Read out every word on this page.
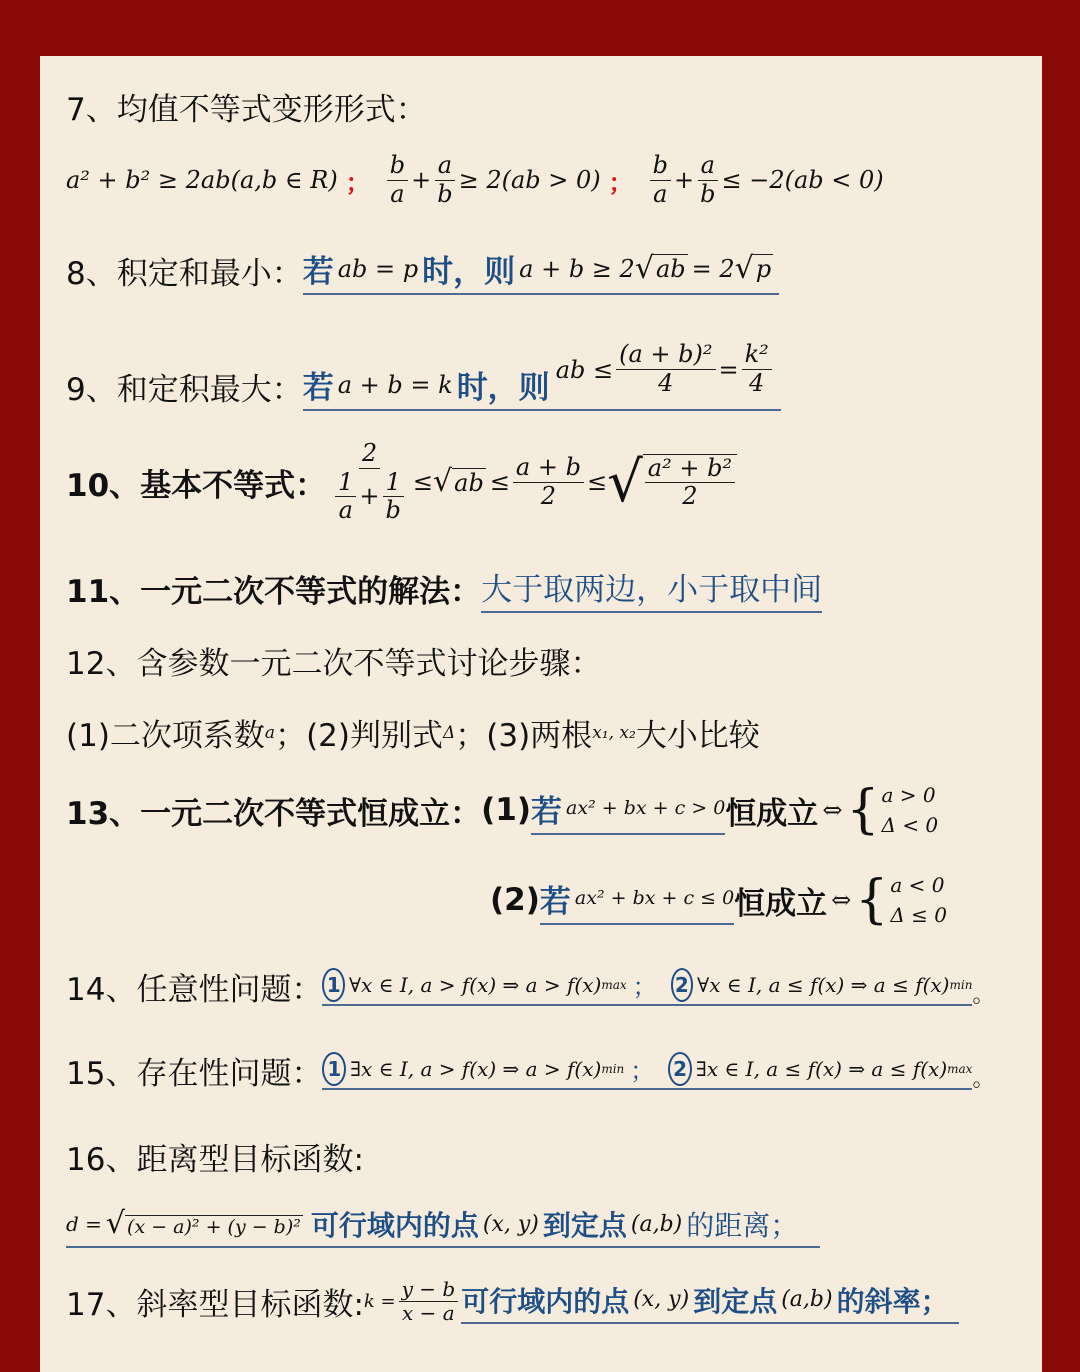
7、均值不等式变形形式：
a² + b² ≥ 2ab(a,b ∈ R) ； $\frac{b}{a} + \frac{a}{b} \ge 2(ab > 0)$ ； $\frac{b}{a} + \frac{a}{b} \le -2(ab < 0)$
8、积定和最小： 若 ab = p 时，则 a + b ≥ 2 √ ab = 2 √ p
9、和定积最大： 若 a + b = k 时，则
ab ≤ $\frac{\text{(a + b)²}}{4} = \frac{\text{k²}}{4}$
10、基本不等式： $\frac{2}{\frac{1}{a} + \frac{1}{b}}$ ≤ √ ab ≤ $\frac{a + b}{2}$ ≤ √ $\frac{\text{a² + b²}}{2}$
11、一元二次不等式的解法： 大于取两边，小于取中间
12、含参数一元二次不等式讨论步骤：
(1)二次项系数 a ； (2)判别式 Δ ； (3)两根 x₁, x₂ 大小比较
13、一元二次不等式恒成立： (1) 若 ax² + bx + c > 0 恒成立 ⇔ { a > 0
Δ < 0
(2) 若 ax² + bx + c ≤ 0 恒成立 ⇔ { a < 0
Δ ≤ 0
14、任意性问题： 1 ∀x ∈ I, a > f(x) ⇒ a > f(x) max ； 2 ∀x ∈ I, a ≤ f(x) ⇒ a ≤ f(x) min 。
15、存在性问题： 1 ∃x ∈ I, a > f(x) ⇒ a > f(x) min ； 2 ∃x ∈ I, a ≤ f(x) ⇒ a ≤ f(x) max 。
16、距离型目标函数:
d = √ (x − a)² + (y − b)² 可行域内的点 (x, y) 到定点 (a,b) 的距离；
17、斜率型目标函数: $k = \frac{y - b}{x - a}$ 可行域内的点 (x, y) 到定点 (a,b) 的斜率；
